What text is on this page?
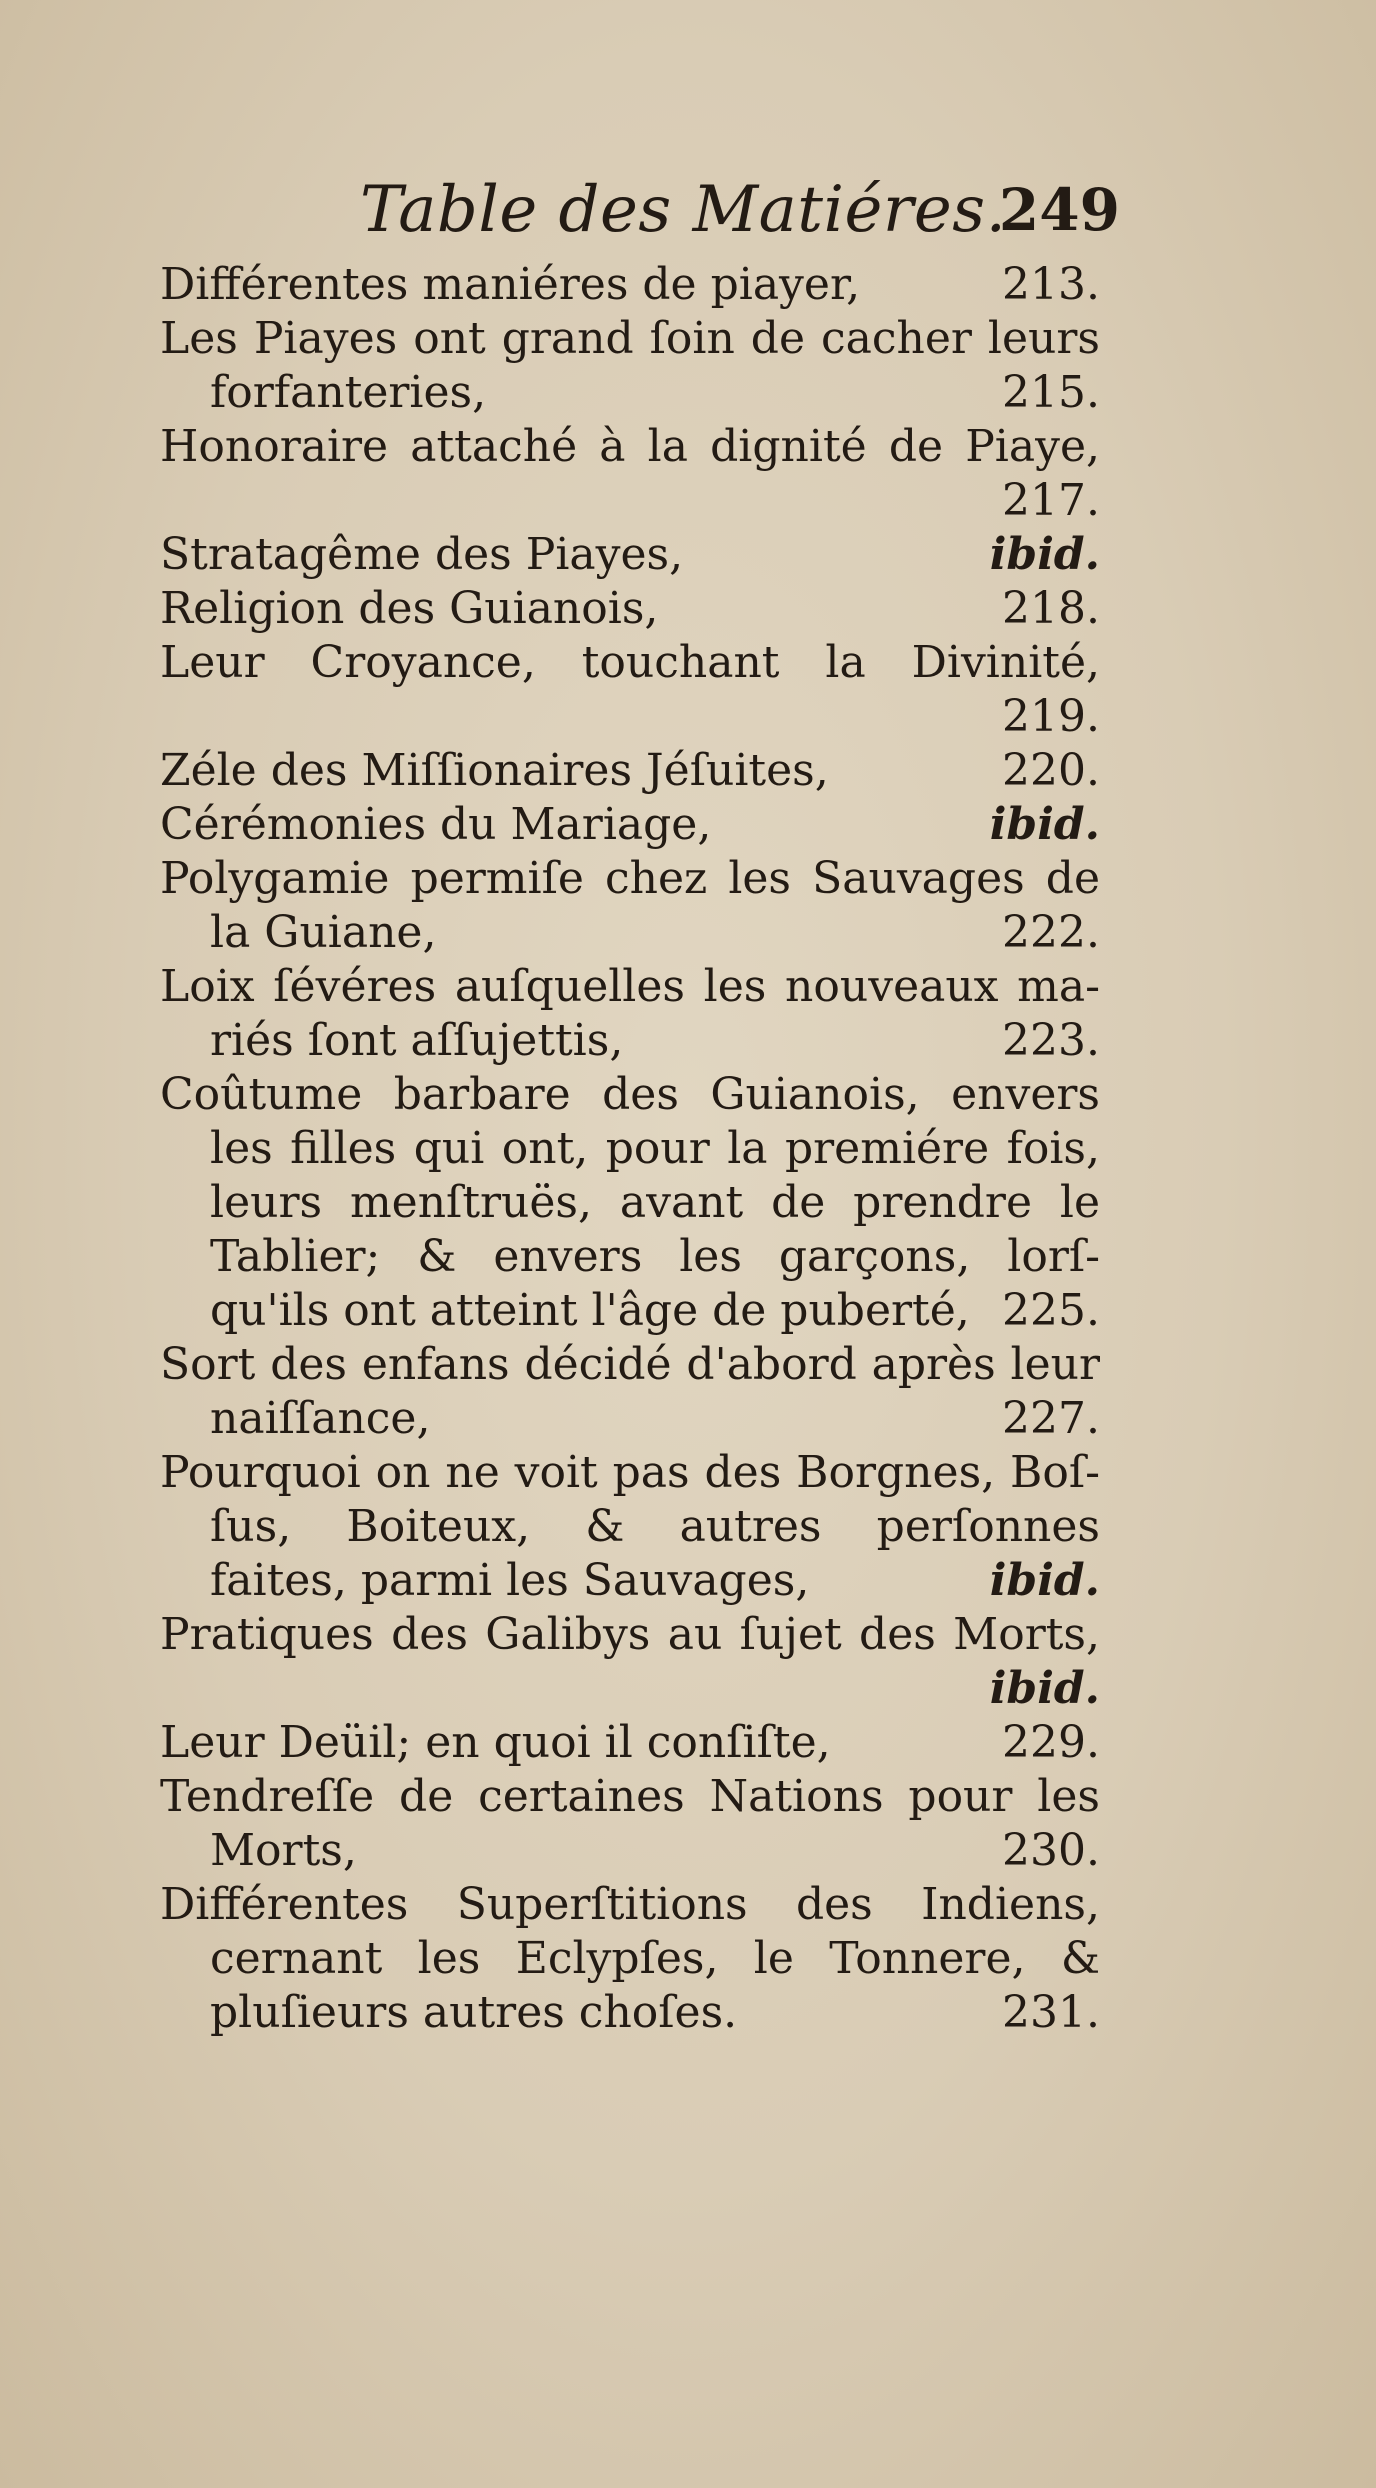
Table des Matiéres.
249
Différentes maniéres de piayer,	213.
Les Piayes ont grand ſoin de cacher leurs
forfanteries,	215.
Honoraire attaché à la dignité de Piaye,
217.
Stratagême des Piayes,	ibid.
Religion des Guianois,	218.
Leur Croyance, touchant la Divinité,
219.
Zéle des Miſſionaires Jéſuites,	220.
Cérémonies du Mariage,	ibid.
Polygamie permiſe chez les Sauvages de
la Guiane,	222.
Loix ſévéres auſquelles les nouveaux ma-
riés ſont aſſujettis,	223.
Coûtume barbare des Guianois, envers
les filles qui ont, pour la premiére fois,
leurs menſtruës, avant de prendre le
Tablier; & envers les garçons, lorſ-
qu'ils ont atteint l'âge de puberté, 225.
Sort des enfans décidé d'abord après leur
naiſſance,	227.
Pourquoi on ne voit pas des Borgnes, Boſ-
ſus, Boiteux, & autres perſonnes
faites, parmi les Sauvages,	ibid.
Pratiques des Galibys au ſujet des Morts,
ibid.
Leur Deüil; en quoi il conſiſte,	229.
Tendreſſe de certaines Nations pour les
Morts,	230.
Différentes Superſtitions des Indiens,
cernant les Eclypſes, le Tonnere, &
pluſieurs autres choſes.	231.
